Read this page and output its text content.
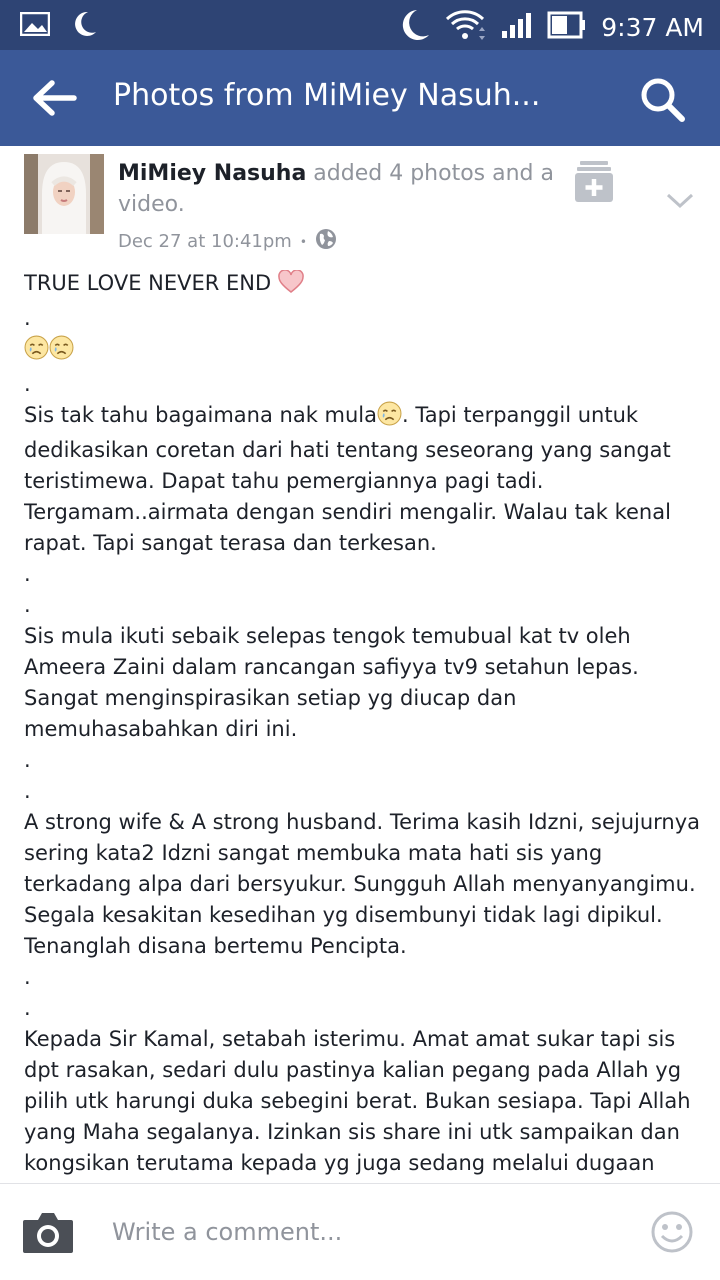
9:37 AM
Photos from MiMiey Nasuh...
MiMiey Nasuha added 4 photos and a video.
Dec 27 at 10:41pm •

TRUE LOVE NEVER END

.

.

Sis tak tahu bagaimana nak mula . Tapi terpanggil untuk dedikasikan coretan dari hati tentang seseorang yang sangat teristimewa. Dapat tahu pemergiannya pagi tadi. Tergamam..airmata dengan sendiri mengalir. Walau tak kenal rapat. Tapi sangat terasa dan terkesan.

.

.

Sis mula ikuti sebaik selepas tengok temubual kat tv oleh Ameera Zaini dalam rancangan safiyya tv9 setahun lepas. Sangat menginspirasikan setiap yg diucap dan memuhasabahkan diri ini.

.

.

A strong wife & A strong husband. Terima kasih Idzni, sejujurnya sering kata2 Idzni sangat membuka mata hati sis yang terkadang alpa dari bersyukur. Sungguh Allah menyanyangimu. Segala kesakitan kesedihan yg disembunyi tidak lagi dipikul. Tenanglah disana bertemu Pencipta.

.

.

Kepada Sir Kamal, setabah isterimu. Amat amat sukar tapi sis dpt rasakan, sedari dulu pastinya kalian pegang pada Allah yg pilih utk harungi duka sebegini berat. Bukan sesiapa. Tapi Allah yang Maha segalanya. Izinkan sis share ini utk sampaikan dan kongsikan terutama kepada yg juga sedang melalui dugaan

Write a comment...
